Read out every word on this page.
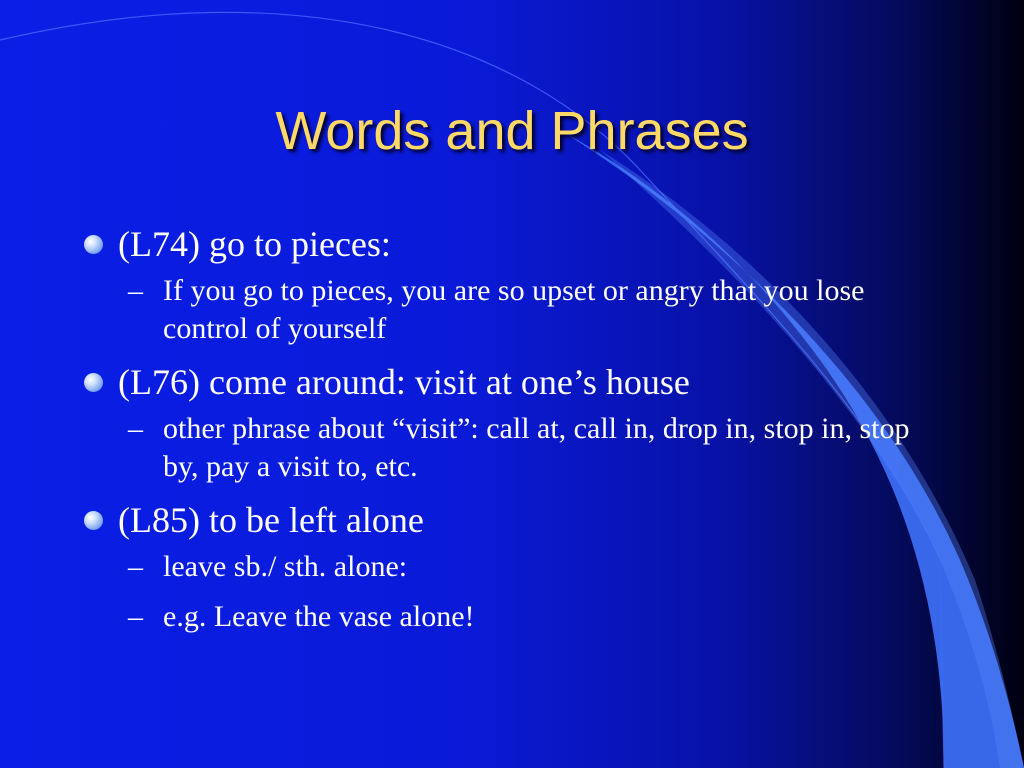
Words and Phrases
(L74) go to pieces:
– If you go to pieces, you are so upset or angry that you lose control of yourself
(L76) come around: visit at one’s house
– other phrase about “visit”: call at, call in, drop in, stop in, stop by, pay a visit to, etc.
(L85) to be left alone
– leave sb./ sth. alone:
– e.g. Leave the vase alone!
